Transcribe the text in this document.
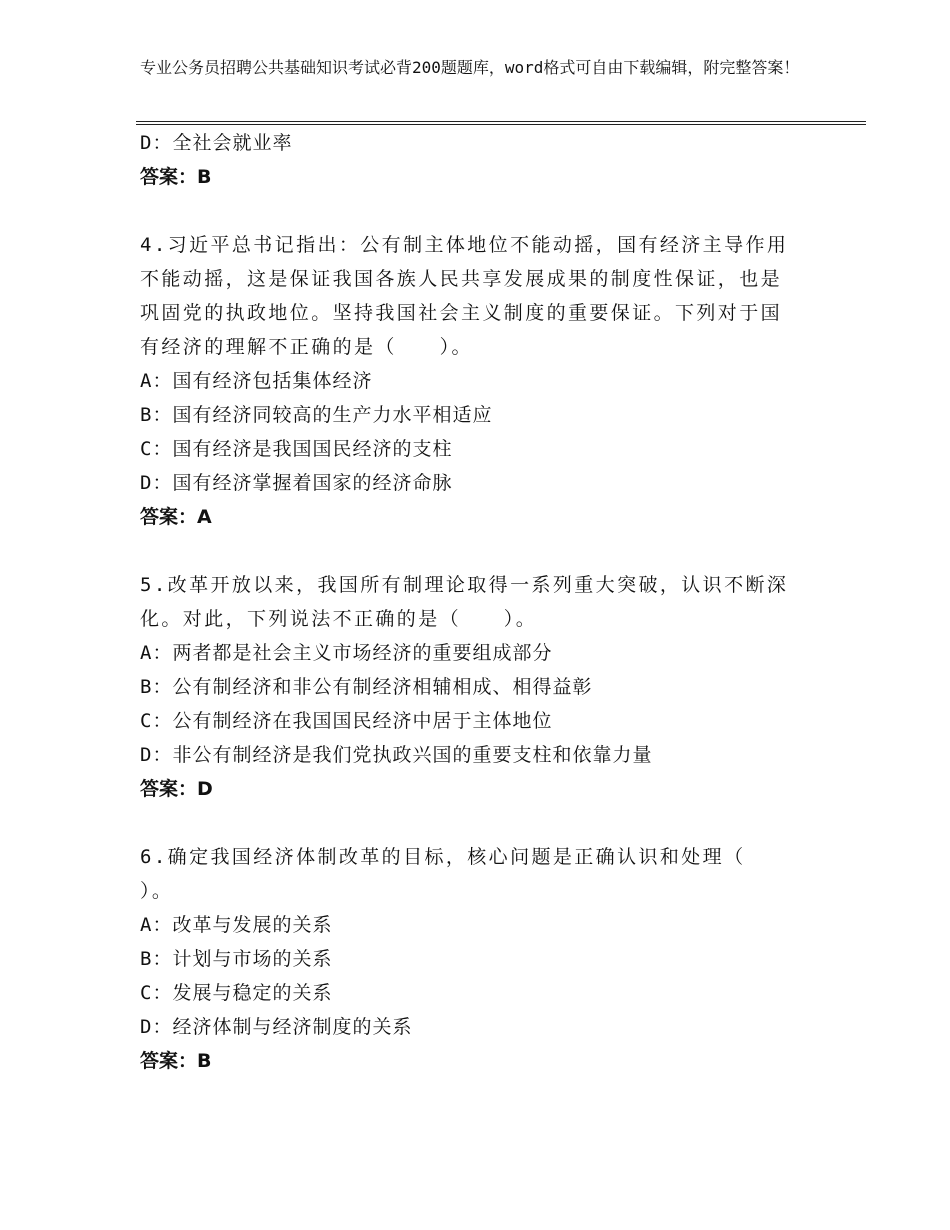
专业公务员招聘公共基础知识考试必背200题题库，word格式可自由下载编辑，附完整答案！
D：全社会就业率
答案：B
4.习近平总书记指出：公有制主体地位不能动摇，国有经济主导作用不能动摇，这是保证我国各族人民共享发展成果的制度性保证，也是巩固党的执政地位。坚持我国社会主义制度的重要保证。下列对于国有经济的理解不正确的是（　　）。
A：国有经济包括集体经济
B：国有经济同较高的生产力水平相适应
C：国有经济是我国国民经济的支柱
D：国有经济掌握着国家的经济命脉
答案：A
5.改革开放以来，我国所有制理论取得一系列重大突破，认识不断深化。对此，下列说法不正确的是（　　）。
A：两者都是社会主义市场经济的重要组成部分
B：公有制经济和非公有制经济相辅相成、相得益彰
C：公有制经济在我国国民经济中居于主体地位
D：非公有制经济是我们党执政兴国的重要支柱和依靠力量
答案：D
6.确定我国经济体制改革的目标，核心问题是正确认识和处理（　　）。
A：改革与发展的关系
B：计划与市场的关系
C：发展与稳定的关系
D：经济体制与经济制度的关系
答案：B
